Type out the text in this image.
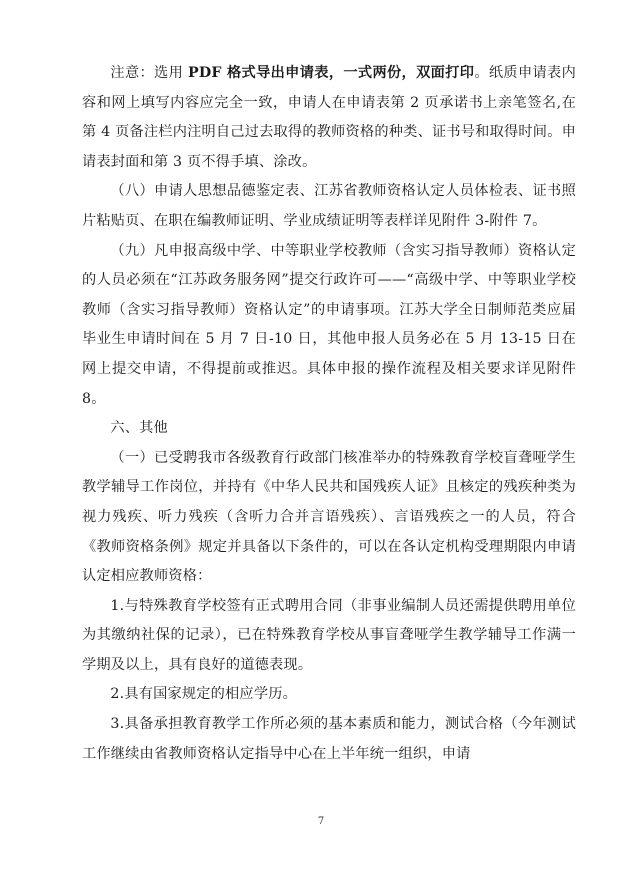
注意：选用 PDF 格式导出申请表，一式两份，双面打印。纸质申请表内容和网上填写内容应完全一致，申请人在申请表第 2 页承诺书上亲笔签名,在第 4 页备注栏内注明自己过去取得的教师资格的种类、证书号和取得时间。申请表封面和第 3 页不得手填、涂改。

（八）申请人思想品德鉴定表、江苏省教师资格认定人员体检表、证书照片粘贴页、在职在编教师证明、学业成绩证明等表样详见附件 3-附件 7。

（九）凡申报高级中学、中等职业学校教师（含实习指导教师）资格认定的人员必须在“江苏政务服务网”提交行政许可——“高级中学、中等职业学校教师（含实习指导教师）资格认定”的申请事项。江苏大学全日制师范类应届毕业生申请时间在 5 月 7 日-10 日，其他申报人员务必在 5 月 13-15 日在网上提交申请，不得提前或推迟。具体申报的操作流程及相关要求详见附件 8。

六、其他

（一）已受聘我市各级教育行政部门核准举办的特殊教育学校盲聋哑学生教学辅导工作岗位，并持有《中华人民共和国残疾人证》且核定的残疾种类为视力残疾、听力残疾（含听力合并言语残疾）、言语残疾之一的人员，符合《教师资格条例》规定并具备以下条件的，可以在各认定机构受理期限内申请认定相应教师资格：

1.与特殊教育学校签有正式聘用合同（非事业编制人员还需提供聘用单位为其缴纳社保的记录），已在特殊教育学校从事盲聋哑学生教学辅导工作满一学期及以上，具有良好的道德表现。

2.具有国家规定的相应学历。

3.具备承担教育教学工作所必须的基本素质和能力，测试合格（今年测试工作继续由省教师资格认定指导中心在上半年统一组织，申请

7
